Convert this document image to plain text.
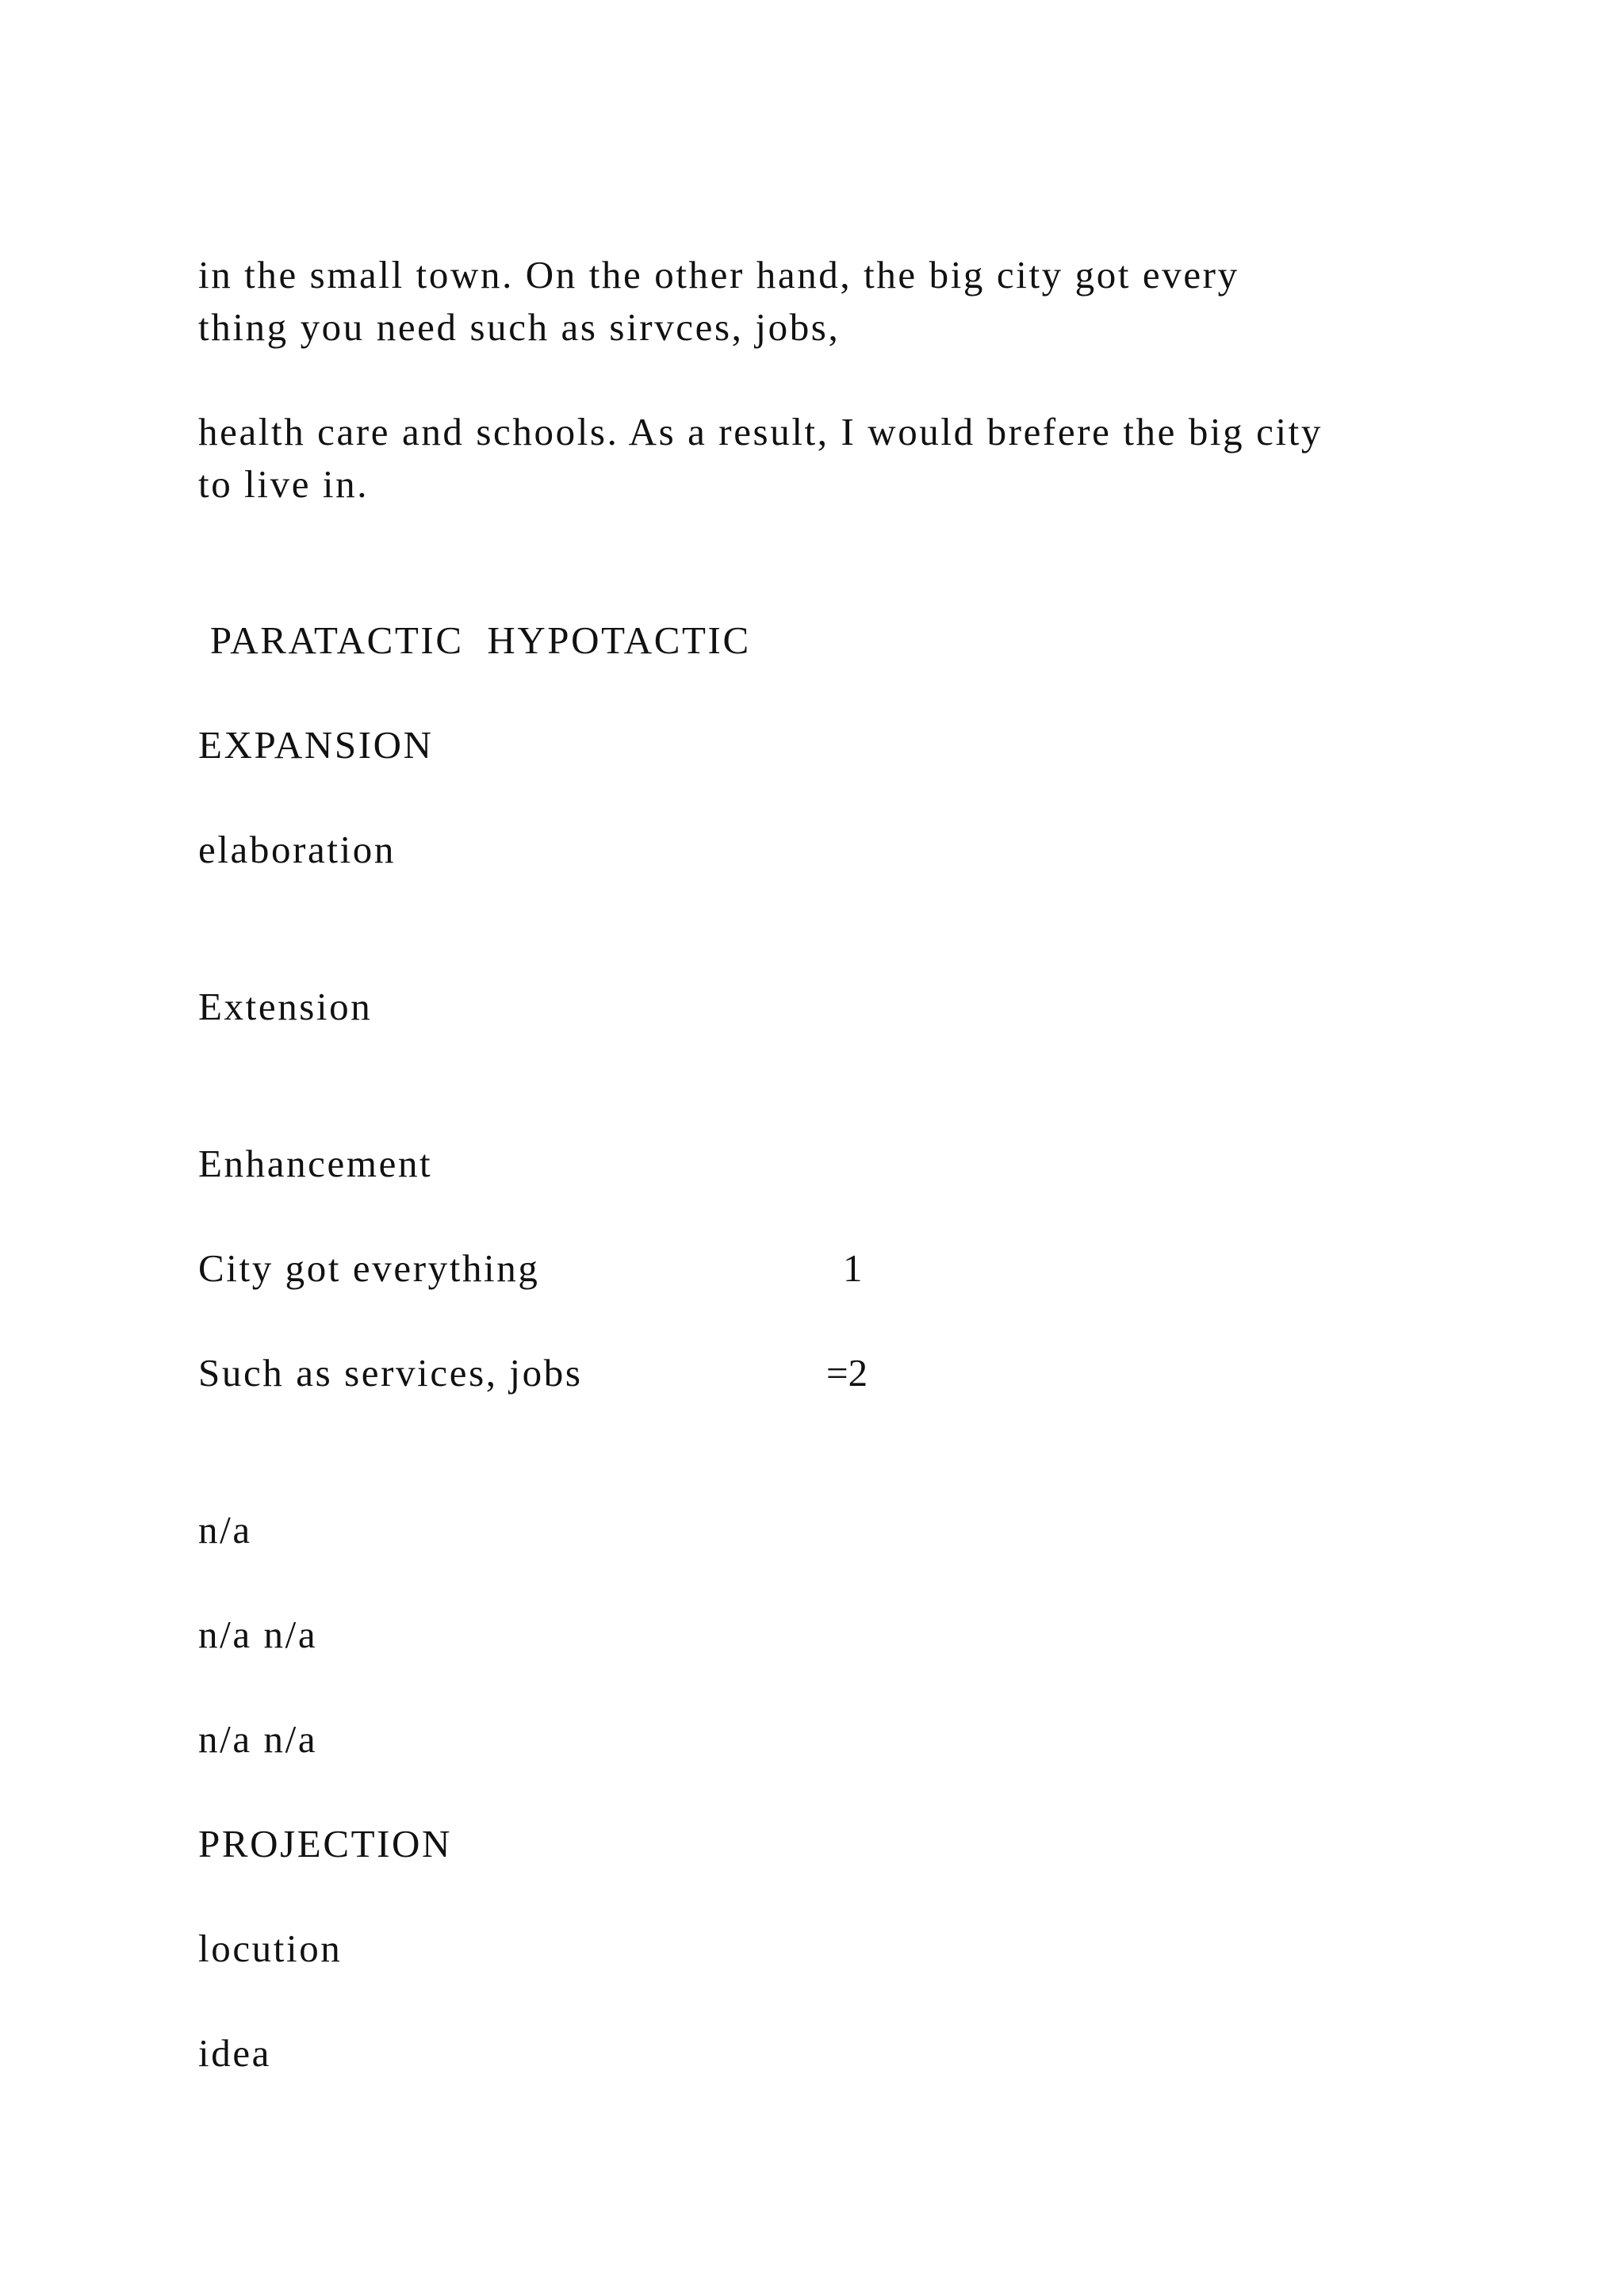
in the small town. On the other hand, the big city got every

thing you need such as sirvces, jobs,

health care and schools. As a result, I would brefere the big city

to live in.

PARATACTIC  HYPOTACTIC

EXPANSION

elaboration

Extension

Enhancement

City got everything	1

Such as services, jobs	=2

n/a

n/a n/a

n/a n/a

PROJECTION

locution

idea
